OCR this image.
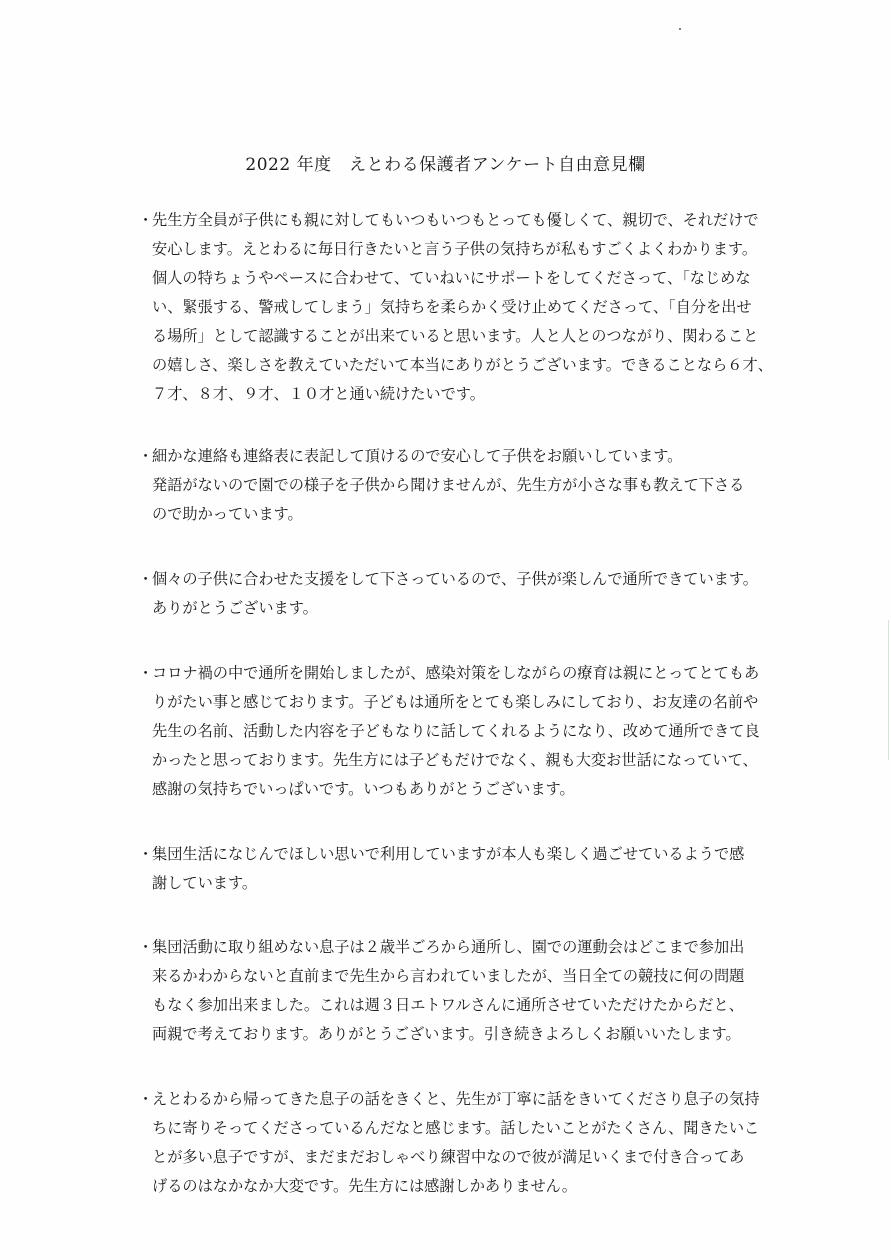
2022 年度　えとわる保護者アンケート自由意見欄
・
先生方全員が子供にも親に対してもいつもいつもとっても優しくて、親切で、それだけで
安心します。えとわるに毎日行きたいと言う子供の気持ちが私もすごくよくわかります。
個人の特ちょうやペースに合わせて、ていねいにサポートをしてくださって、「なじめな
い、緊張する、警戒してしまう」気持ちを柔らかく受け止めてくださって、「自分を出せ
る場所」として認識することが出来ていると思います。人と人とのつながり、関わること
の嬉しさ、楽しさを教えていただいて本当にありがとうございます。できることなら６才、
７才、８才、９才、１０才と通い続けたいです。
・
細かな連絡も連絡表に表記して頂けるので安心して子供をお願いしています。
発語がないので園での様子を子供から聞けませんが、先生方が小さな事も教えて下さる
ので助かっています。
・
個々の子供に合わせた支援をして下さっているので、子供が楽しんで通所できています。
ありがとうございます。
・
コロナ禍の中で通所を開始しましたが、感染対策をしながらの療育は親にとってとてもあ
りがたい事と感じております。子どもは通所をとても楽しみにしており、お友達の名前や
先生の名前、活動した内容を子どもなりに話してくれるようになり、改めて通所できて良
かったと思っております。先生方には子どもだけでなく、親も大変お世話になっていて、
感謝の気持ちでいっぱいです。いつもありがとうございます。
・
集団生活になじんでほしい思いで利用していますが本人も楽しく過ごせているようで感
謝しています。
・
集団活動に取り組めない息子は２歳半ごろから通所し、園での運動会はどこまで参加出
来るかわからないと直前まで先生から言われていましたが、当日全ての競技に何の問題
もなく参加出来ました。これは週３日エトワルさんに通所させていただけたからだと、
両親で考えております。ありがとうございます。引き続きよろしくお願いいたします。
・
えとわるから帰ってきた息子の話をきくと、先生が丁寧に話をきいてくださり息子の気持
ちに寄りそってくださっているんだなと感じます。話したいことがたくさん、聞きたいこ
とが多い息子ですが、まだまだおしゃべり練習中なので彼が満足いくまで付き合ってあ
げるのはなかなか大変です。先生方には感謝しかありません。
